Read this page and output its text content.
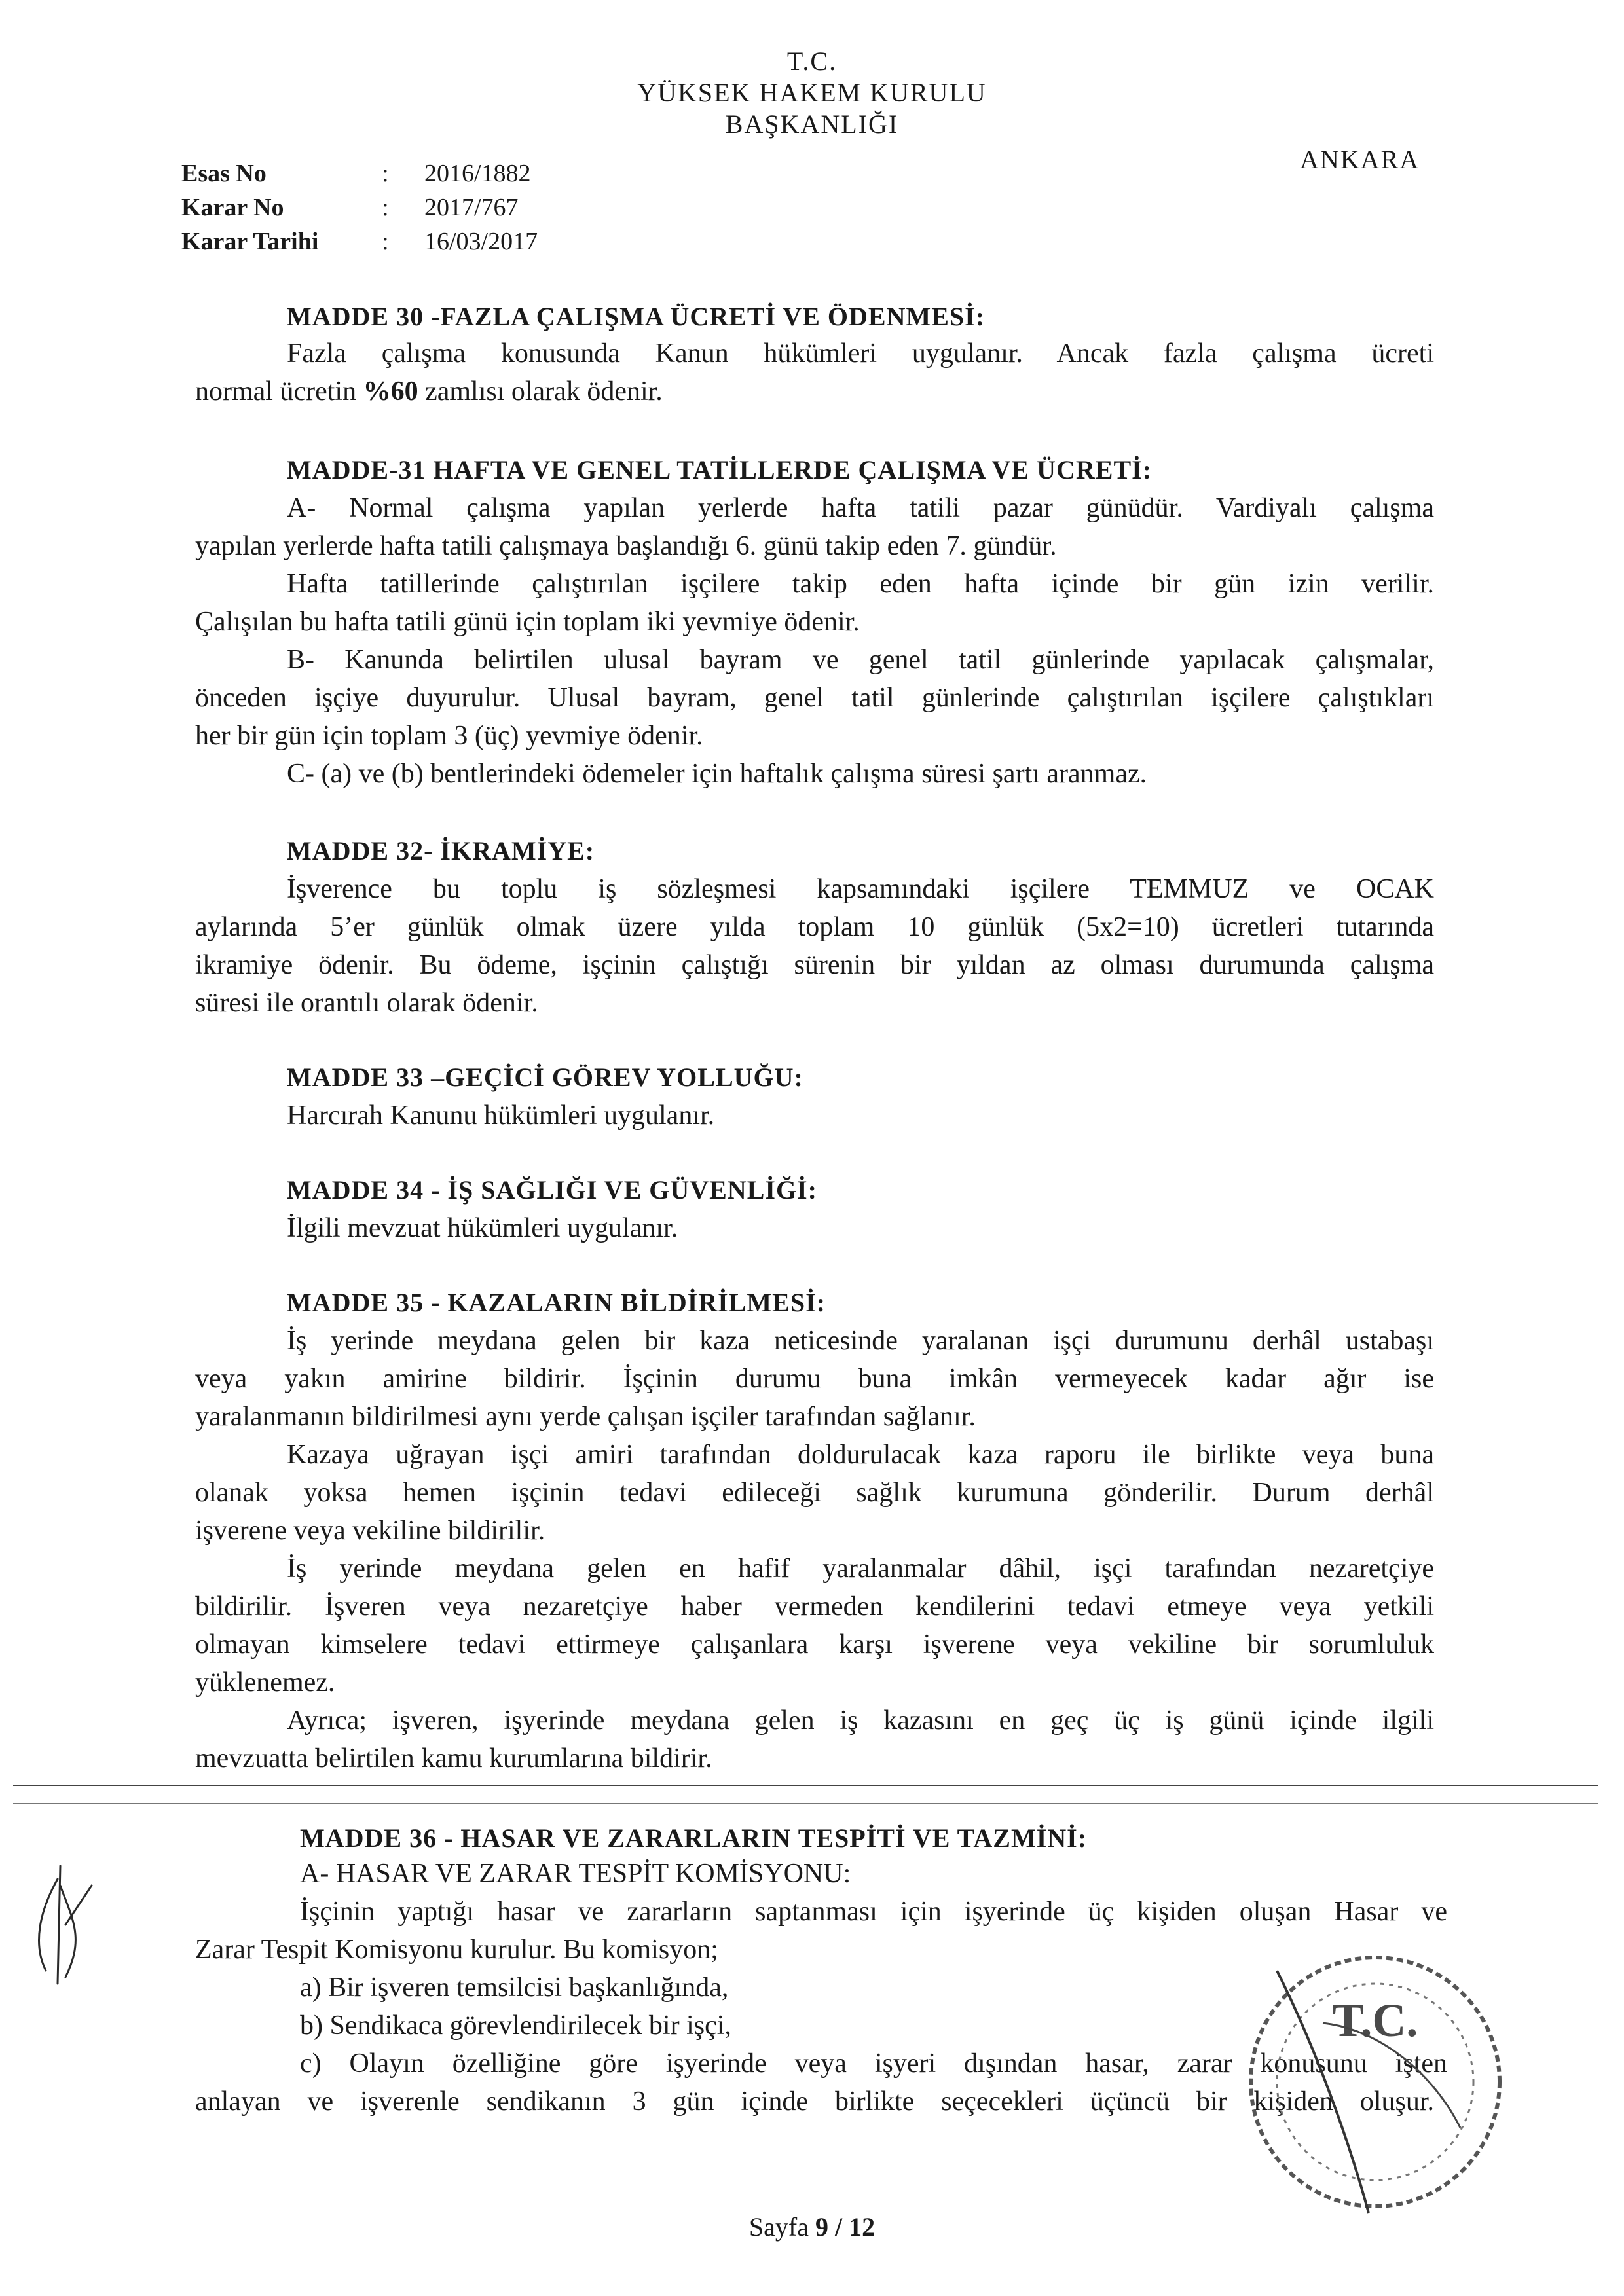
T.C.
YÜKSEK HAKEM KURULU
BAŞKANLIĞI
ANKARA
Esas No	: 2016/1882
Karar No	: 2017/767
Karar Tarihi	: 16/03/2017
MADDE 30 -FAZLA ÇALIŞMA ÜCRETİ VE ÖDENMESİ:
Fazla çalışma konusunda Kanun hükümleri uygulanır. Ancak fazla çalışma ücreti
normal ücretin %60 zamlısı olarak ödenir.
MADDE-31 HAFTA VE GENEL TATİLLERDE ÇALIŞMA VE ÜCRETİ:
A- Normal çalışma yapılan yerlerde hafta tatili pazar günüdür. Vardiyalı çalışma
yapılan yerlerde hafta tatili çalışmaya başlandığı 6. günü takip eden 7. gündür.
Hafta tatillerinde çalıştırılan işçilere takip eden hafta içinde bir gün izin verilir.
Çalışılan bu hafta tatili günü için toplam iki yevmiye ödenir.
B- Kanunda belirtilen ulusal bayram ve genel tatil günlerinde yapılacak çalışmalar,
önceden işçiye duyurulur. Ulusal bayram, genel tatil günlerinde çalıştırılan işçilere çalıştıkları
her bir gün için toplam 3 (üç) yevmiye ödenir.
C- (a) ve (b) bentlerindeki ödemeler için haftalık çalışma süresi şartı aranmaz.
MADDE 32- İKRAMİYE:
İşverence bu toplu iş sözleşmesi kapsamındaki işçilere TEMMUZ ve OCAK
aylarında 5’er günlük olmak üzere yılda toplam 10 günlük (5x2=10) ücretleri tutarında
ikramiye ödenir. Bu ödeme, işçinin çalıştığı sürenin bir yıldan az olması durumunda çalışma
süresi ile orantılı olarak ödenir.
MADDE 33 –GEÇİCİ GÖREV YOLLUĞU:
Harcırah Kanunu hükümleri uygulanır.
MADDE 34 - İŞ SAĞLIĞI VE GÜVENLİĞİ:
İlgili mevzuat hükümleri uygulanır.
MADDE 35 - KAZALARIN BİLDİRİLMESİ:
İş yerinde meydana gelen bir kaza neticesinde yaralanan işçi durumunu derhâl ustabaşı
veya yakın amirine bildirir. İşçinin durumu buna imkân vermeyecek kadar ağır ise
yaralanmanın bildirilmesi aynı yerde çalışan işçiler tarafından sağlanır.
Kazaya uğrayan işçi amiri tarafından doldurulacak kaza raporu ile birlikte veya buna
olanak yoksa hemen işçinin tedavi edileceği sağlık kurumuna gönderilir. Durum derhâl
işverene veya vekiline bildirilir.
İş yerinde meydana gelen en hafif yaralanmalar dâhil, işçi tarafından nezaretçiye
bildirilir. İşveren veya nezaretçiye haber vermeden kendilerini tedavi etmeye veya yetkili
olmayan kimselere tedavi ettirmeye çalışanlara karşı işverene veya vekiline bir sorumluluk
yüklenemez.
Ayrıca; işveren, işyerinde meydana gelen iş kazasını en geç üç iş günü içinde ilgili
mevzuatta belirtilen kamu kurumlarına bildirir.
MADDE 36 - HASAR VE ZARARLARIN TESPİTİ VE TAZMİNİ:
A- HASAR VE ZARAR TESPİT KOMİSYONU:
İşçinin yaptığı hasar ve zararların saptanması için işyerinde üç kişiden oluşan Hasar ve
Zarar Tespit Komisyonu kurulur. Bu komisyon;
a) Bir işveren temsilcisi başkanlığında,
b) Sendikaca görevlendirilecek bir işçi,
c) Olayın özelliğine göre işyerinde veya işyeri dışından hasar, zarar konusunu işten
anlayan ve işverenle sendikanın 3 gün içinde birlikte seçecekleri üçüncü bir kişiden oluşur.
T.C.
Sayfa 9 / 12
